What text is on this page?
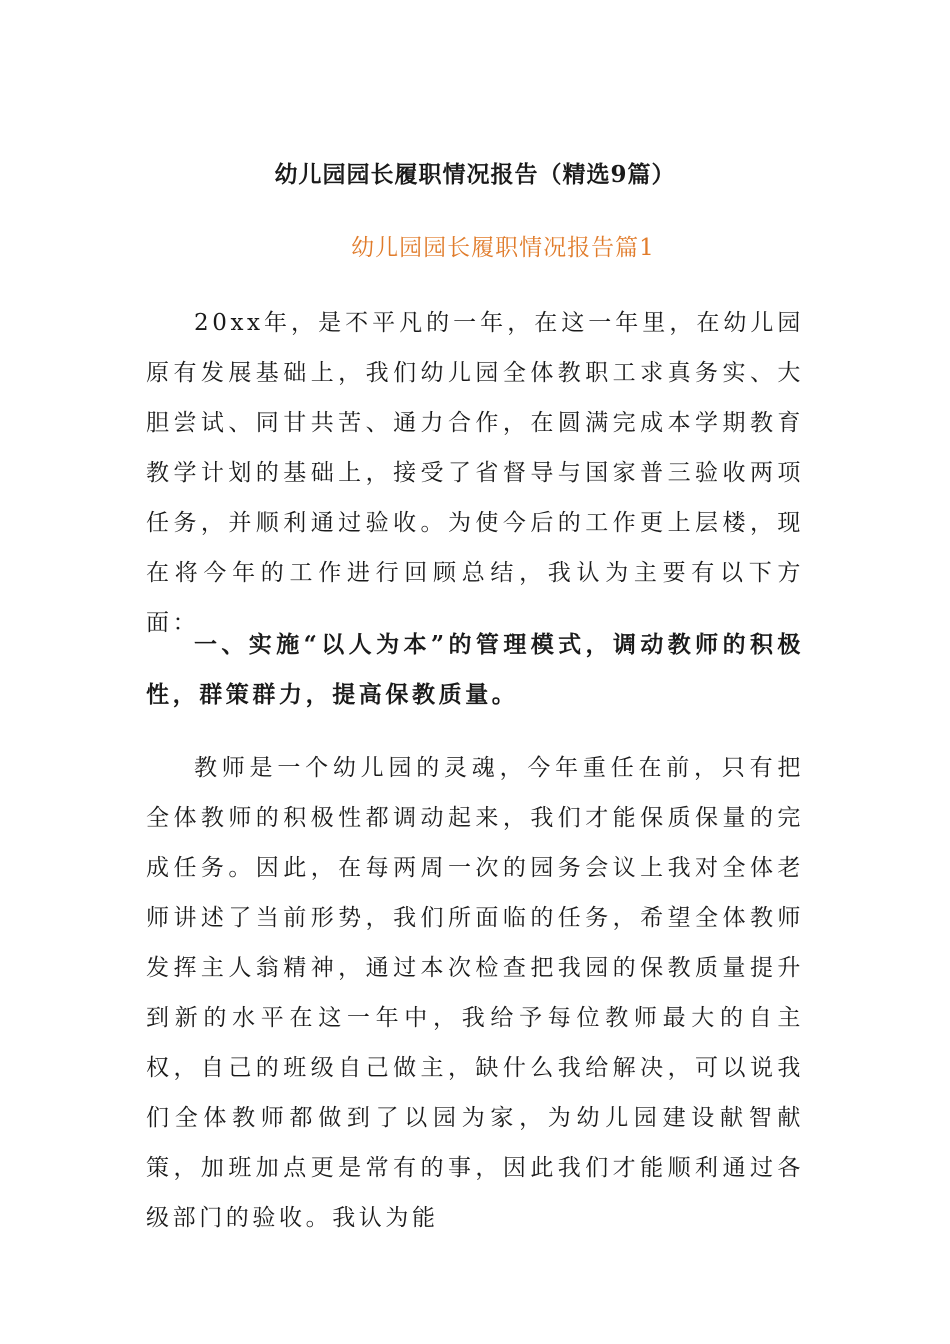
幼儿园园长履职情况报告（精选9篇）
幼儿园园长履职情况报告篇1

20xx年，是不平凡的一年，在这一年里，在幼儿园原有发展基础上，我们幼儿园全体教职工求真务实、大胆尝试、同甘共苦、通力合作，在圆满完成本学期教育教学计划的基础上，接受了省督导与国家普三验收两项任务，并顺利通过验收。为使今后的工作更上层楼，现在将今年的工作进行回顾总结，我认为主要有以下方面：

一、实施“以人为本”的管理模式，调动教师的积极性，群策群力，提高保教质量。

教师是一个幼儿园的灵魂，今年重任在前，只有把全体教师的积极性都调动起来，我们才能保质保量的完成任务。因此，在每两周一次的园务会议上我对全体老师讲述了当前形势，我们所面临的任务，希望全体教师发挥主人翁精神，通过本次检查把我园的保教质量提升到新的水平在这一年中，我给予每位教师最大的自主权，自己的班级自己做主，缺什么我给解决，可以说我们全体教师都做到了以园为家，为幼儿园建设献智献策，加班加点更是常有的事，因此我们才能顺利通过各级部门的验收。我认为能
